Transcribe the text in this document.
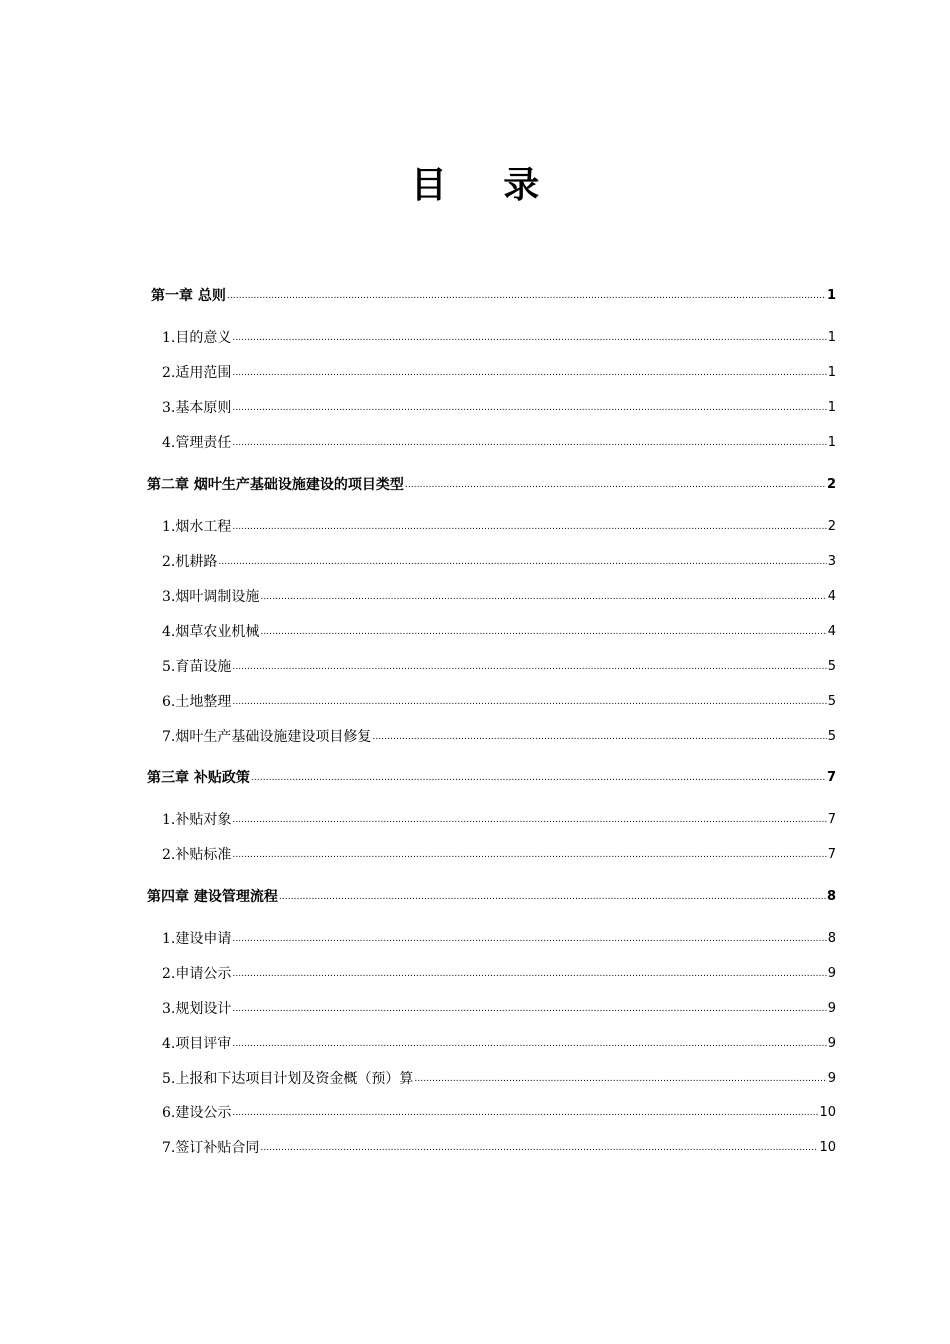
目 录
第一章 总则 .....	1
1.目的意义 .....	1
2.适用范围 .....	1
3.基本原则 .....	1
4.管理责任 .....	1
第二章 烟叶生产基础设施建设的项目类型 .....	2
1.烟水工程 .....	2
2.机耕路 .....	3
3.烟叶调制设施 .....	4
4.烟草农业机械 .....	4
5.育苗设施 .....	5
6.土地整理 .....	5
7.烟叶生产基础设施建设项目修复 .....	5
第三章 补贴政策 .....	7
1.补贴对象 .....	7
2.补贴标准 .....	7
第四章 建设管理流程 .....	8
1.建设申请 .....	8
2.申请公示 .....	9
3.规划设计 .....	9
4.项目评审 .....	9
5.上报和下达项目计划及资金概（预）算 .....	9
6.建设公示 .....	10
7.签订补贴合同 .....	10
